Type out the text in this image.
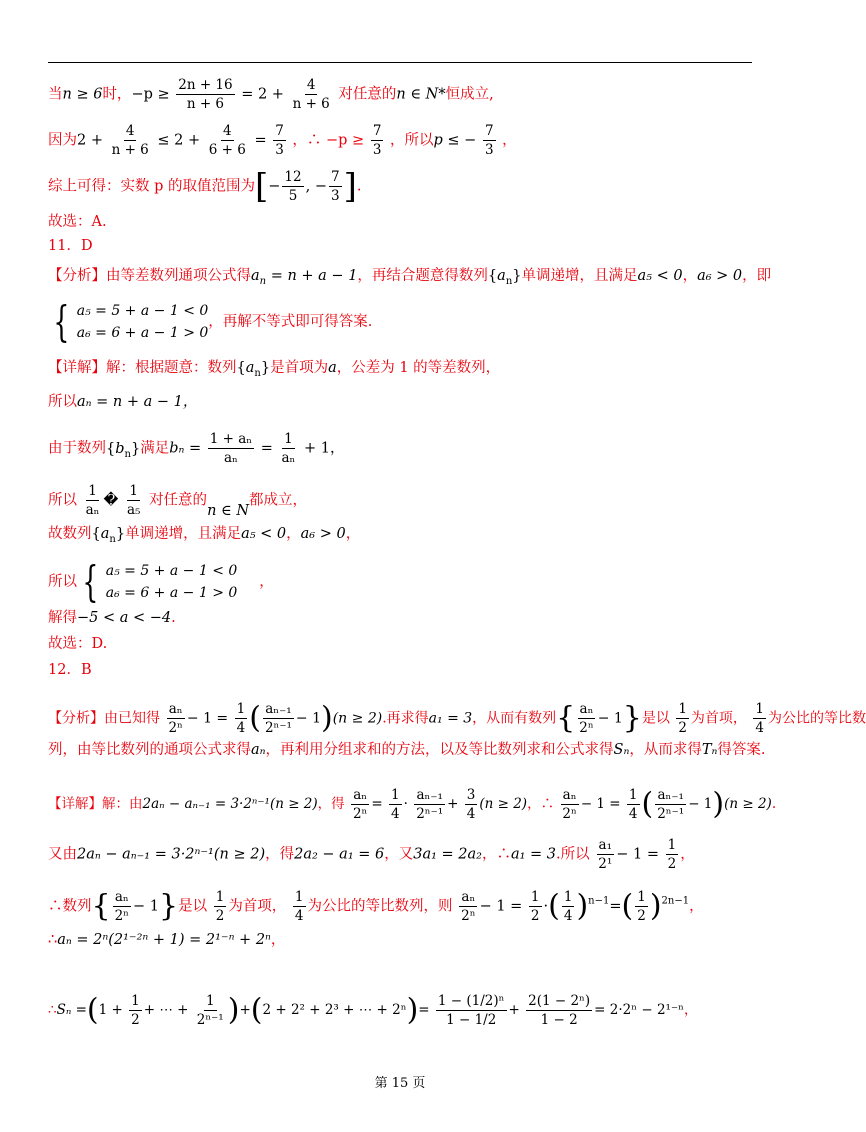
当n ≥ 6时，$-p \ge \frac{2n + 16}{n + 6} = 2 + \frac{4}{n + 6}$ 对任意的n ∈ N*恒成立,
因为$2 + \frac{4}{n + 6} \le 2 + \frac{4}{6 + 6} = \frac{7}{3}$ ，∴ $-p \ge \frac{7}{3}$ ，所以p ≤ − $\frac{7}{3}$ ，
综上可得：实数 p 的取值范围为[− $\frac{12}{5}$ , − $\frac{7}{3}$ ].
故选：A.
11．D
【分析】由等差数列通项公式得$a_n = n + a - 1$，再结合题意得数列$\{a_n\}$单调递增，且满足a₅ < 0，a₆ > 0，即
{ a₅ = 5 + a − 1 < 0
a₆ = 6 + a − 1 > 0
，再解不等式即可得答案.
【详解】解：根据题意：数列$\{a_n\}$是首项为a，公差为 1 的等差数列，
所以aₙ = n + a − 1，
由于数列$\{b_n\}$满足$b_n = \frac{\text{1 + aₙ}}{\text{aₙ}} = \frac{1}{\text{aₙ}} + 1$，
所以 $\frac{1}{\text{aₙ}}$ � $\frac{1}{\text{a₅}}$ 对任意的n ∈ N都成立，
故数列$\{a_n\}$单调递增，且满足a₅ < 0，a₆ > 0，
所以 { a₅ = 5 + a − 1 < 0
a₆ = 6 + a − 1 > 0
，
解得−5 < a < −4.
故选：D.
12．B
【分析】由已知得 $\frac{\text{aₙ}}{\text{2ⁿ}} - 1 = \frac{1}{4}$ ( $\frac{\text{aₙ₋₁}}{\text{2ⁿ⁻¹}} - 1)(n \ge 2)$.再求得a₁ = 3，从而有数列{ $\frac{\text{aₙ}}{\text{2ⁿ}} - 1$}是以 $\frac{1}{2}$ 为首项， $\frac{1}{4}$ 为公比的等比数
列，由等比数列的通项公式求得aₙ，再利用分组求和的方法，以及等比数列求和公式求得Sₙ，从而求得Tₙ得答案.
【详解】解：由2aₙ − aₙ₋₁ = 3·2ⁿ⁻¹(n ≥ 2)，得 $\frac{\text{aₙ}}{\text{2ⁿ}} = \frac{1}{4} \cdot \frac{\text{aₙ₋₁}}{\text{2ⁿ⁻¹}} + \frac{3}{4} (n \ge 2)$，∴ $\frac{\text{aₙ}}{\text{2ⁿ}} - 1 = \frac{1}{4}$ ( $\frac{\text{aₙ₋₁}}{\text{2ⁿ⁻¹}} - 1)(n \ge 2)$.
又由2aₙ − aₙ₋₁ = 3·2ⁿ⁻¹(n ≥ 2)，得2a₂ − a₁ = 6，又3a₁ = 2a₂，∴a₁ = 3.所以 $\frac{\text{a₁}}{\text{2¹}} - 1 = \frac{1}{2}$ ，
∴数列{ $\frac{\text{aₙ}}{\text{2ⁿ}} - 1$}是以 $\frac{1}{2}$ 为首项， $\frac{1}{4}$ 为公比的等比数列，则 $\frac{\text{aₙ}}{\text{2ⁿ}} - 1 = \frac{1}{2}$ ·( $\frac{1}{4} )^{n-1}=( \frac{1}{2} )^{2n-1}$，
∴aₙ = 2ⁿ(2¹⁻²ⁿ + 1) = 2¹⁻ⁿ + 2ⁿ，
∴Sₙ $=(1 + \frac{1}{2}$ + ⋯ + $\frac{1}{\text{2ⁿ⁻¹}} )+(2 + 2^2 + 2^3$ + ⋯ + $2^n)= \frac{\text{1 − (1/2)ⁿ}}{1 - 1/2} + \frac{\text{2(1 − 2ⁿ)}}{1 - 2} = 2\cdot 2^n - 2^{1-n}$，
第 15 页
